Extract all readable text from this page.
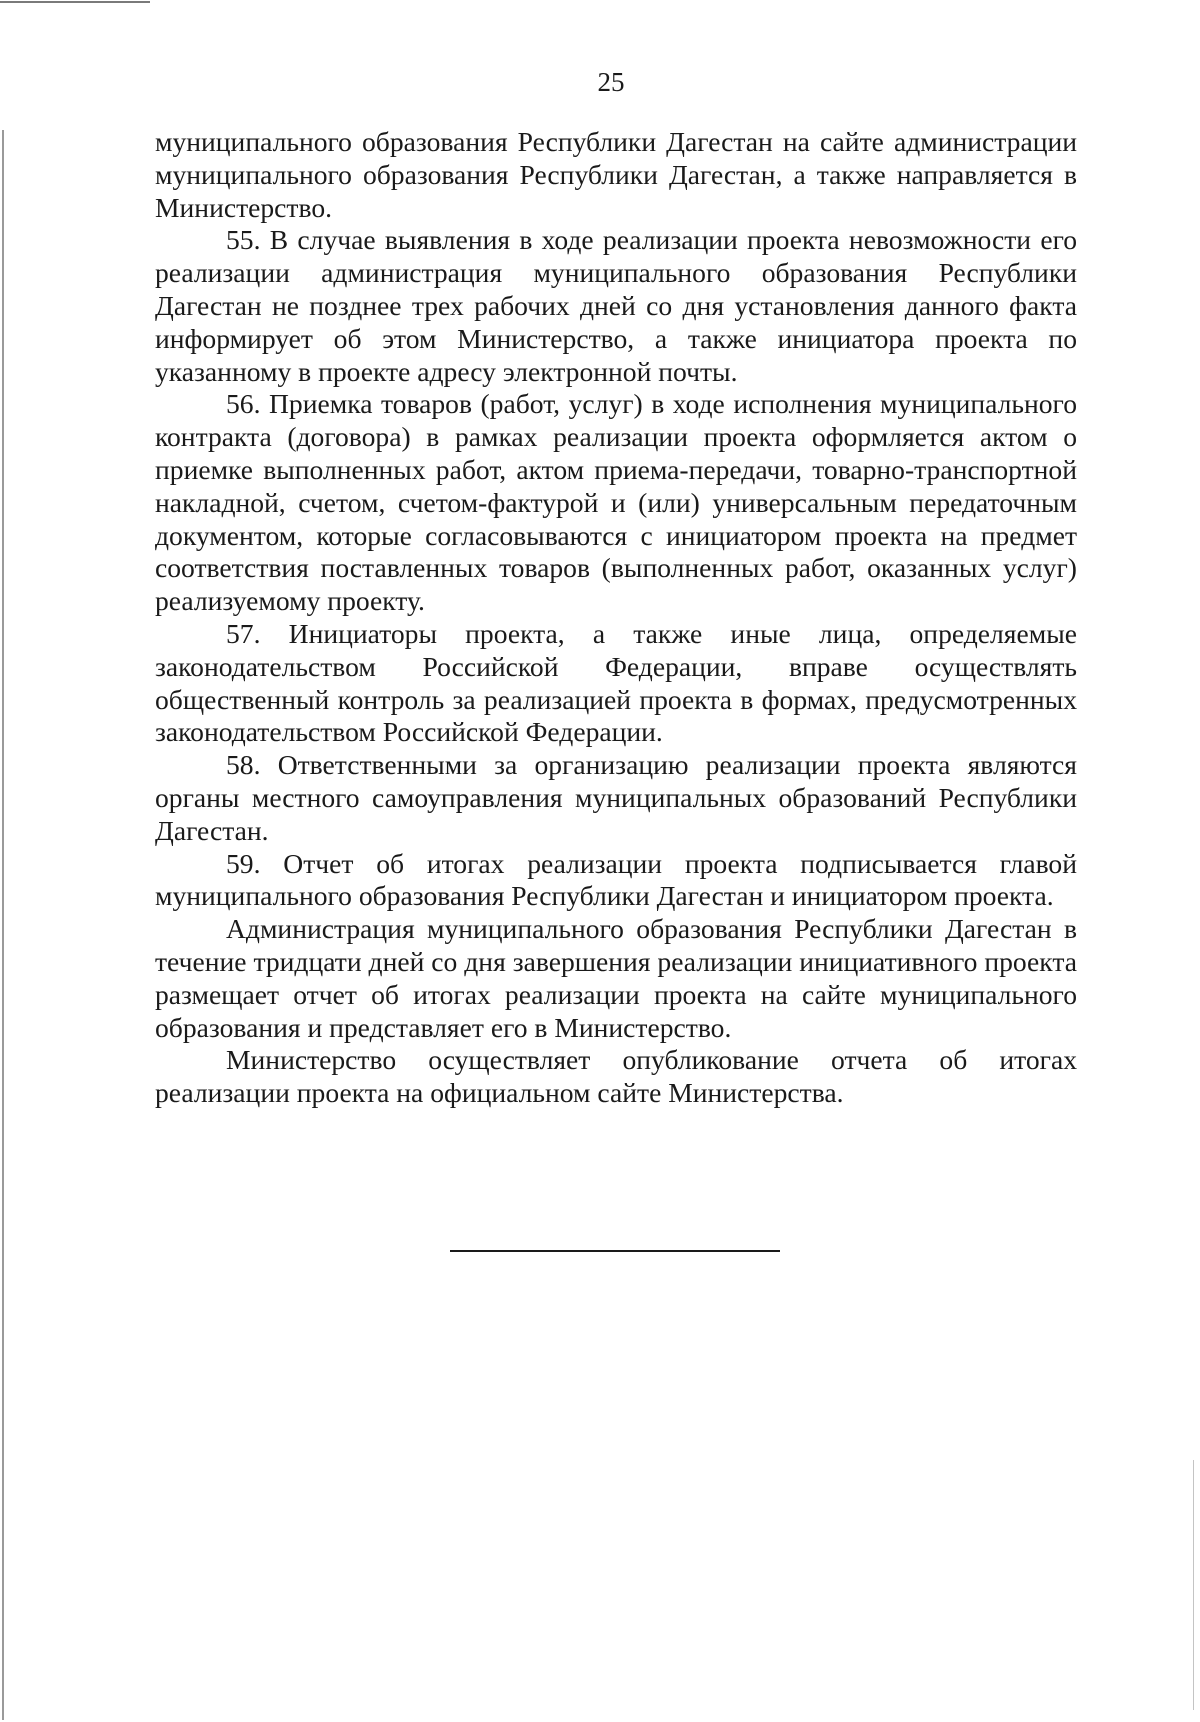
25

муниципального образования Республики Дагестан на сайте администрации муниципального образования Республики Дагестан, а также направляется в Министерство.

55. В случае выявления в ходе реализации проекта невозможности его реализации администрация муниципального образования Республики Дагестан не позднее трех рабочих дней со дня установления данного факта информирует об этом Министерство, а также инициатора проекта по указанному в проекте адресу электронной почты.

56. Приемка товаров (работ, услуг) в ходе исполнения муниципального контракта (договора) в рамках реализации проекта оформляется актом о приемке выполненных работ, актом приема-передачи, товарно-транспортной накладной, счетом, счетом-фактурой и (или) универсальным передаточным документом, которые согласовываются с инициатором проекта на предмет соответствия поставленных товаров (выполненных работ, оказанных услуг) реализуемому проекту.

57. Инициаторы проекта, а также иные лица, определяемые законодательством Российской Федерации, вправе осуществлять общественный контроль за реализацией проекта в формах, предусмотренных законодательством Российской Федерации.

58. Ответственными за организацию реализации проекта являются органы местного самоуправления муниципальных образований Республики Дагестан.

59. Отчет об итогах реализации проекта подписывается главой муниципального образования Республики Дагестан и инициатором проекта.

Администрация муниципального образования Республики Дагестан в течение тридцати дней со дня завершения реализации инициативного проекта размещает отчет об итогах реализации проекта на сайте муниципального образования и представляет его в Министерство.

Министерство осуществляет опубликование отчета об итогах реализации проекта на официальном сайте Министерства.
